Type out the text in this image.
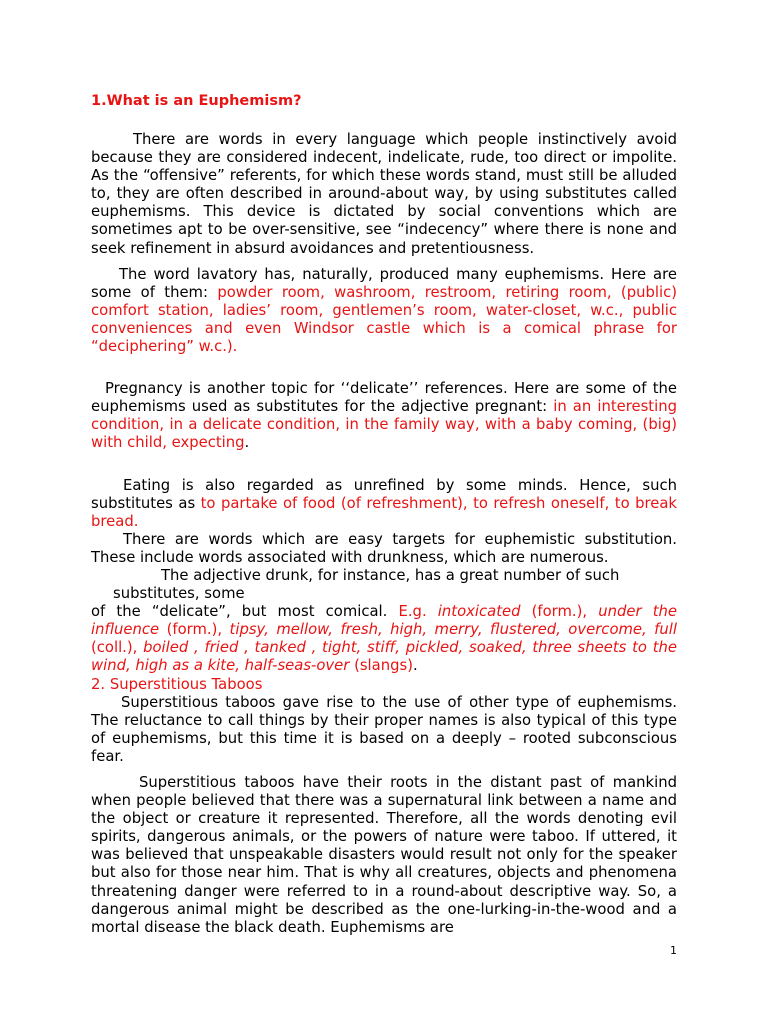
1.What is an Euphemism?

There are words in every language which people instinctively avoid because they are considered indecent, indelicate, rude, too direct or impolite. As the “offensive” referents, for which these words stand, must still be alluded to, they are often described in around-about way, by using substitutes called euphemisms. This device is dictated by social conventions which are sometimes apt to be over-sensitive, see “indecency” where there is none and seek refinement in absurd avoidances and pretentiousness.

The word lavatory has, naturally, produced many euphemisms. Here are some of them: powder room, washroom, restroom, retiring room, (public) comfort station, ladies’ room, gentlemen’s room, water-closet, w.c., public conveniences and even Windsor castle which is a comical phrase for “deciphering” w.c.).

Pregnancy is another topic for ‘‘delicate’’ references. Here are some of the euphemisms used as substitutes for the adjective pregnant: in an interesting condition, in a delicate condition, in the family way, with a baby coming, (big) with child, expecting.

Eating is also regarded as unrefined by some minds. Hence, such substitutes as to partake of food (of refreshment), to refresh oneself, to break bread.

There are words which are easy targets for euphemistic substitution. These include words associated with drunkness, which are numerous.

The adjective drunk, for instance, has a great number of such
substitutes, some
of the “delicate”, but most comical. E.g. intoxicated (form.), under the influence (form.), tipsy, mellow, fresh, high, merry, flustered, overcome, full (coll.), boiled , fried , tanked , tight, stiff, pickled, soaked, three sheets to the wind, high as a kite, half-seas-over (slangs).

2. Superstitious Taboos

Superstitious taboos gave rise to the use of other type of euphemisms. The reluctance to call things by their proper names is also typical of this type of euphemisms, but this time it is based on a deeply – rooted subconscious fear.

Superstitious taboos have their roots in the distant past of mankind when people believed that there was a supernatural link between a name and the object or creature it represented. Therefore, all the words denoting evil spirits, dangerous animals, or the powers of nature were taboo. If uttered, it was believed that unspeakable disasters would result not only for the speaker but also for those near him. That is why all creatures, objects and phenomena threatening danger were referred to in a round-about descriptive way. So, a dangerous animal might be described as the one-lurking-in-the-wood and a mortal disease the black death. Euphemisms are

1
